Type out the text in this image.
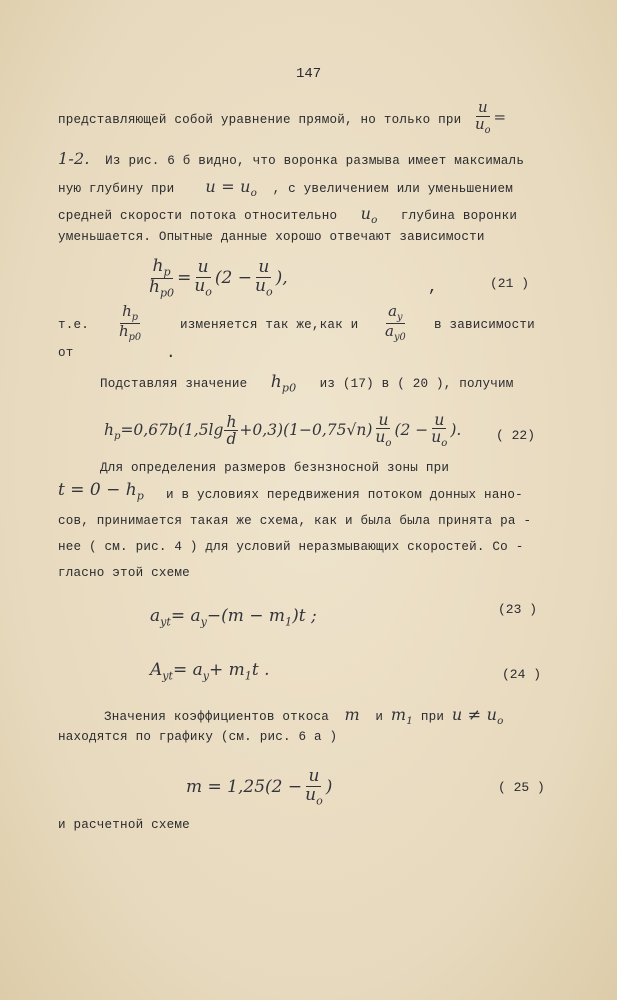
147
представляющей собой уравнение прямой, но только при $\frac{u}{u_o}$ =
1-2. Из рис. 6 б видно, что воронка размыва имеет максималь
ную глубину при $u = u_o$ , с увеличением или уменьшением
средней скорости потока относительно $u_o$ глубина воронки
уменьшается. Опытные данные хорошо отвечают зависимости
$\frac{h_p}{h_{p0}} = \frac{u}{u_o} (2 - \frac{u}{u_o}$ ),	,	(21 )
т.е. $\frac{h_p}{h_{p0}}$	изменяется так же,как и $\frac{a_y}{a_{y0}}$ в зависимости
от	.
Подставляя значение $h_{p0}$ из (17) в ( 20 ), получим
$h_p=0,67b(1,5\lg \frac{h}{d} +0,3)(1-0,75√n) \frac{u}{u_o} (2 - \frac{u}{u_o}$ ).	( 22)
Для определения размеров безнзносной зоны при
$t = 0 - h_p$ и в условиях передвижения потоком донных нано-
сов, принимается такая же схема, как и была была принята ра -
нее ( см. рис. 4 ) для условий неразмывающих скоростей. Со -
гласно этой схеме
$a_{yt}= a_y-(m - m_1)t$ ;	(23 )
$A_{yt}= a_y+ m_1t$ .	(24 )
Значения коэффициентов откоса m и $m_1$ при $u \ne u_o$
находятся по графику (см. рис. 6 а )
$m = 1,25(2 - \frac{u}{u_o}$ )	( 25 )
и расчетной схеме
